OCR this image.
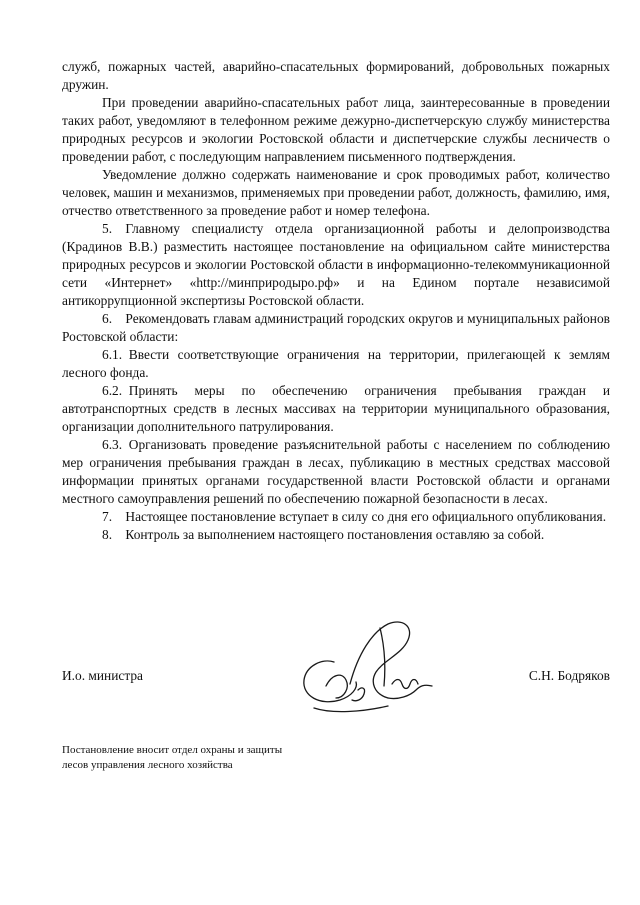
служб, пожарных частей, аварийно-спасательных формирований, добровольных пожарных дружин.

При проведении аварийно-спасательных работ лица, заинтересованные в проведении таких работ, уведомляют в телефонном режиме дежурно-диспетчерскую службу министерства природных ресурсов и экологии Ростовской области и диспетчерские службы лесничеств о проведении работ, с последующим направлением письменного подтверждения.

Уведомление должно содержать наименование и срок проводимых работ, количество человек, машин и механизмов, применяемых при проведении работ, должность, фамилию, имя, отчество ответственного за проведение работ и номер телефона.

5. Главному специалисту отдела организационной работы и делопроизводства (Крадинов В.В.) разместить настоящее постановление на официальном сайте министерства природных ресурсов и экологии Ростовской области в информационно-телекоммуникационной сети «Интернет» «http://минприродыро.рф» и на Едином портале независимой антикоррупционной экспертизы Ростовской области.

6. Рекомендовать главам администраций городских округов и муниципальных районов Ростовской области:

6.1. Ввести соответствующие ограничения на территории, прилегающей к землям лесного фонда.

6.2. Принять меры по обеспечению ограничения пребывания граждан и автотранспортных средств в лесных массивах на территории муниципального образования, организации дополнительного патрулирования.

6.3. Организовать проведение разъяснительной работы с населением по соблюдению мер ограничения пребывания граждан в лесах, публикацию в местных средствах массовой информации принятых органами государственной власти Ростовской области и органами местного самоуправления решений по обеспечению пожарной безопасности в лесах.

7. Настоящее постановление вступает в силу со дня его официального опубликования.

8. Контроль за выполнением настоящего постановления оставляю за собой.

И.о. министра	С.Н. Бодряков
Постановление вносит отдел охраны и защиты
лесов управления лесного хозяйства
